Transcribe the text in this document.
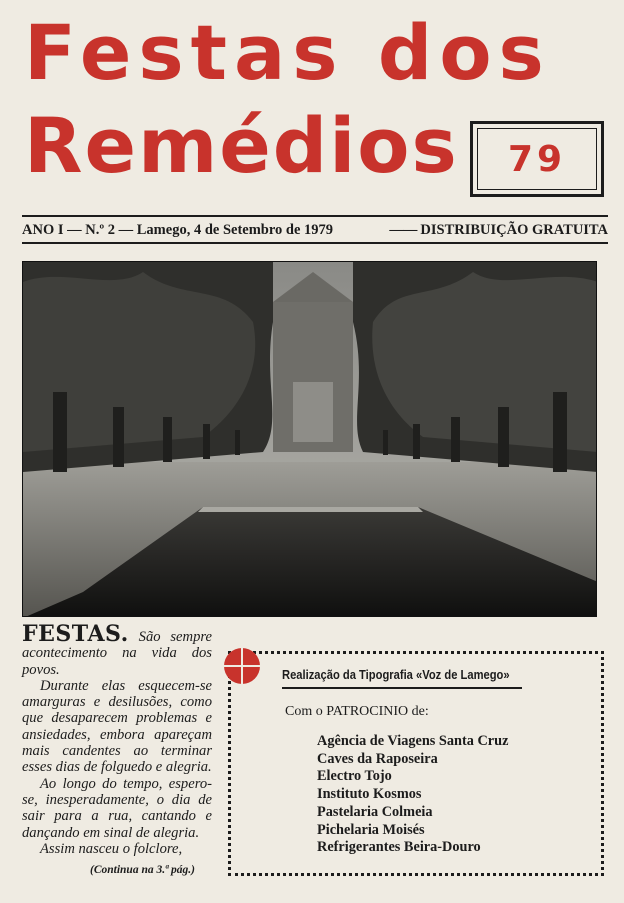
Festas dos
Remédios	79
ANO I — N.º 2 — Lamego, 4 de Setembro de 1979
——	DISTRIBUIÇÃO GRATUITA

FESTAS. São sempre acontecimento na vida dos povos.

Durante elas esquecem-se amarguras e desilusões, como que desaparecem problemas e ansiedades, embora apareçam mais candentes ao terminar esses dias de folguedo e alegria.

Ao longo do tempo, espero-se, inesperadamente, o dia de sair para a rua, cantando e dançando em sinal de alegria.

Assim nasceu o folclore,

(Continua na 3.ª pág.)
Realização da Tipografia «Voz de Lamego»
Com o PATROCINIO de:
Agência de Viagens Santa Cruz
Caves da Raposeira
Electro Tojo
Instituto Kosmos
Pastelaria Colmeia
Pichelaria Moisés
Refrigerantes Beira-Douro
